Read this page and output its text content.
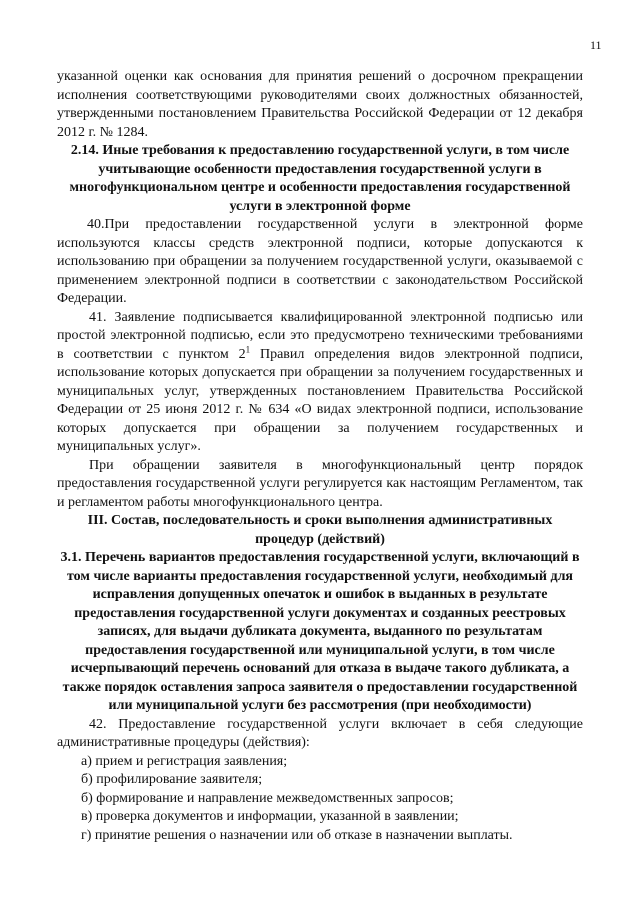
11

указанной оценки как основания для принятия решений о досрочном прекращении исполнения соответствующими руководителями своих должностных обязанностей, утвержденными постановлением Правительства Российской Федерации от 12 декабря 2012 г. № 1284.

2.14. Иные требования к предоставлению государственной услуги, в том числе учитывающие особенности предоставления государственной услуги в многофункциональном центре и особенности предоставления государственной услуги в электронной форме

40.При предоставлении государственной услуги в электронной форме используются классы средств электронной подписи, которые допускаются к использованию при обращении за получением государственной услуги, оказываемой с применением электронной подписи в соответствии с законодательством Российской Федерации.

41. Заявление подписывается квалифицированной электронной подписью или простой электронной подписью, если это предусмотрено техническими требованиями в соответствии с пунктом $2^1$ Правил определения видов электронной подписи, использование которых допускается при обращении за получением государственных и муниципальных услуг, утвержденных постановлением Правительства Российской Федерации от 25 июня 2012 г. № 634 «О видах электронной подписи, использование которых допускается при обращении за получением государственных и муниципальных услуг».

При обращении заявителя в многофункциональный центр порядок предоставления государственной услуги регулируется как настоящим Регламентом, так и регламентом работы многофункционального центра.

III. Состав, последовательность и сроки выполнения административных процедур (действий)
3.1. Перечень вариантов предоставления государственной услуги, включающий в том числе варианты предоставления государственной услуги, необходимый для исправления допущенных опечаток и ошибок в выданных в результате предоставления государственной услуги документах и созданных реестровых записях, для выдачи дубликата документа, выданного по результатам предоставления государственной или муниципальной услуги, в том числе исчерпывающий перечень оснований для отказа в выдаче такого дубликата, а также порядок оставления запроса заявителя о предоставлении государственной или муниципальной услуги без рассмотрения (при необходимости)

42. Предоставление государственной услуги включает в себя следующие административные процедуры (действия):

а) прием и регистрация заявления;

б) профилирование заявителя;

б) формирование и направление межведомственных запросов;

в) проверка документов и информации, указанной в заявлении;

г) принятие решения о назначении или об отказе в назначении выплаты.
